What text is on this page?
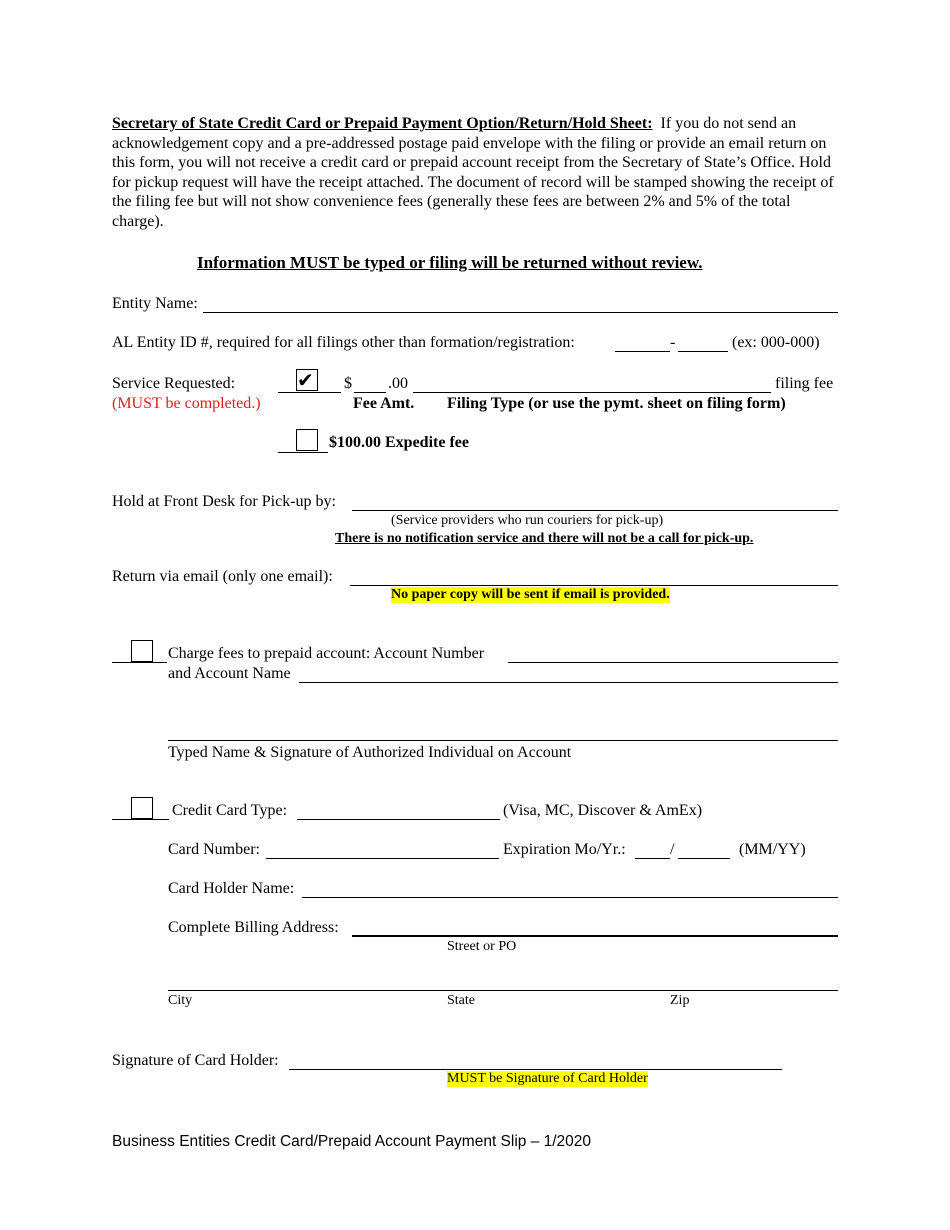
Secretary of State Credit Card or Prepaid Payment Option/Return/Hold Sheet: If you do not send an acknowledgement copy and a pre-addressed postage paid envelope with the filing or provide an email return on this form, you will not receive a credit card or prepaid account receipt from the Secretary of State’s Office. Hold for pickup request will have the receipt attached. The document of record will be stamped showing the receipt of the filing fee but will not show convenience fees (generally these fees are between 2% and 5% of the total charge).
Information MUST be typed or filing will be returned without review.
Entity Name:
AL Entity ID #, required for all filings other than formation/registration:	-	(ex: 000-000)
Service Requested:
(MUST be completed.)
✔ $ .00	filing fee
Fee Amt. Filing Type (or use the pymt. sheet on filing form)
$100.00 Expedite fee
Hold at Front Desk for Pick-up by:
(Service providers who run couriers for pick-up)
There is no notification service and there will not be a call for pick-up.
Return via email (only one email):
No paper copy will be sent if email is provided.
Charge fees to prepaid account: Account Number
and Account Name
Typed Name & Signature of Authorized Individual on Account
Credit Card Type:	(Visa, MC, Discover & AmEx)
Card Number:	Expiration Mo/Yr.:	/	(MM/YY)
Card Holder Name:
Complete Billing Address:
Street or PO
City	State	Zip
Signature of Card Holder:
MUST be Signature of Card Holder
Business Entities Credit Card/Prepaid Account Payment Slip – 1/2020
